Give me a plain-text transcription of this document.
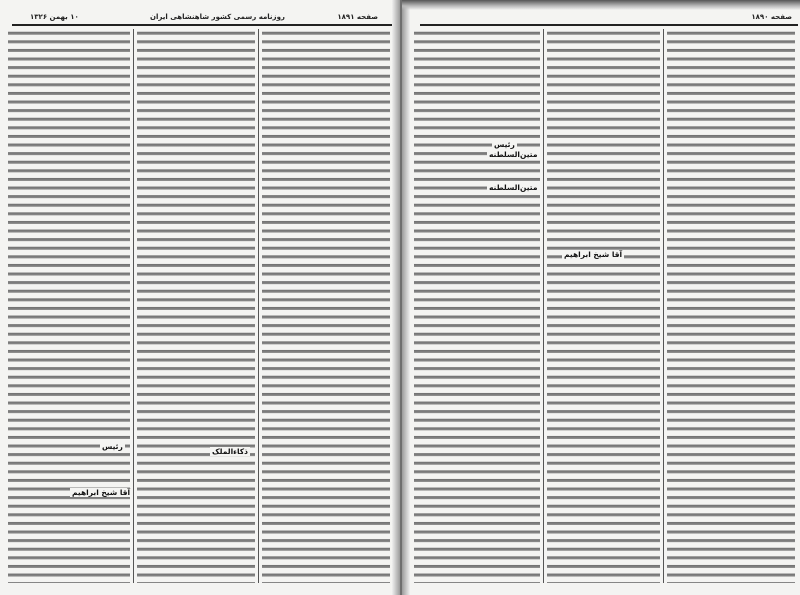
صفحه ۱۸۹۱
روزنامه رسمی کشور شاهنشاهی ایران
۱۰ بهمن ۱۳۲۶
ذکاءالملک
رئیس
آقا شیخ ابراهیم
صفحه ۱۸۹۰
رئیس
متین‌السلطنه
متین‌السلطنه
آقا شیخ ابراهیم
